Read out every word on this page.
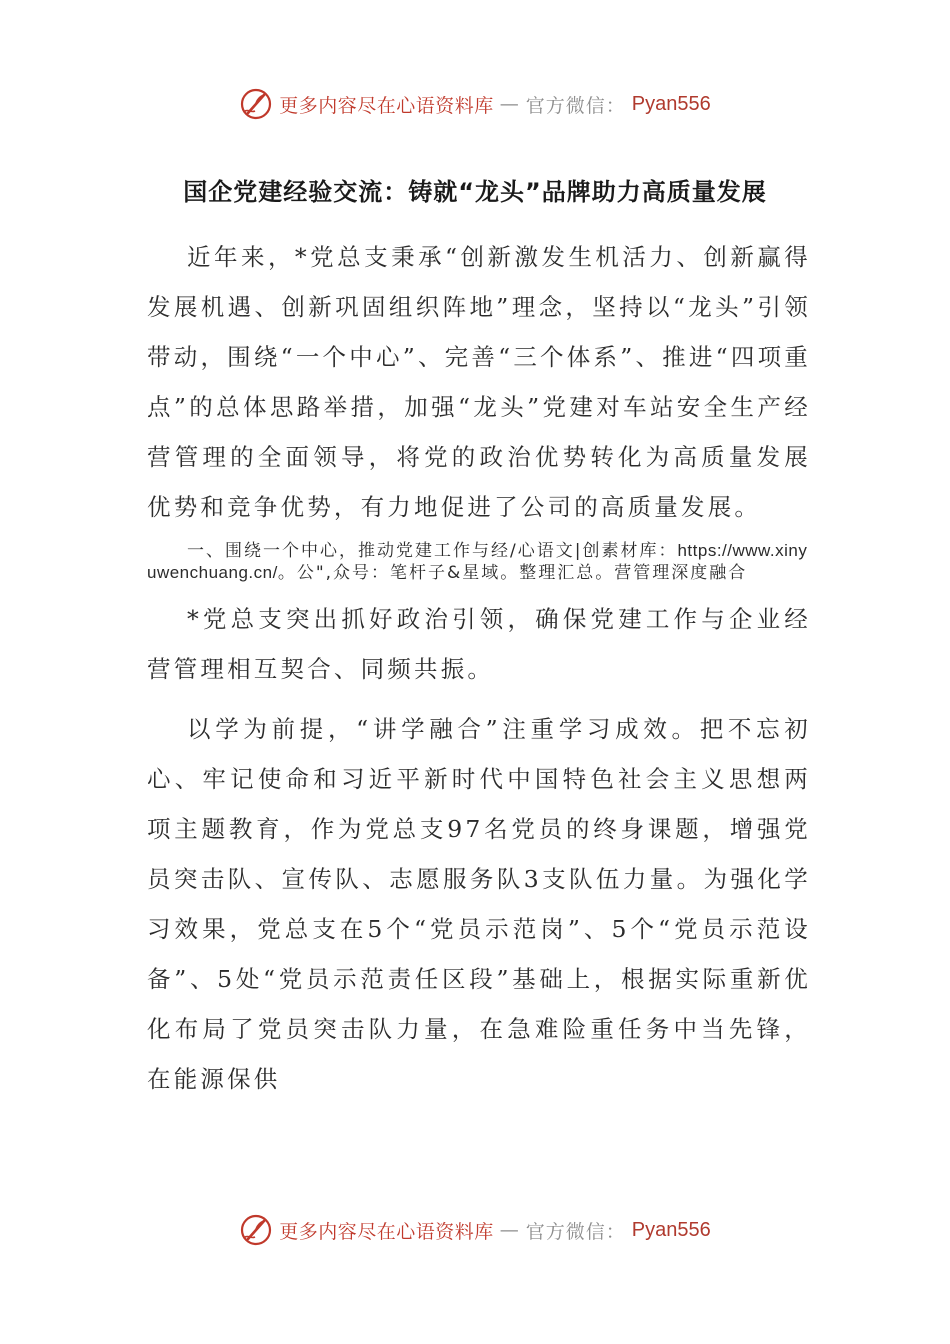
更多内容尽在心语资料库 — 官方微信： Pyan556
国企党建经验交流：铸就“龙头”品牌助力高质量发展

近年来，*党总支秉承“创新激发生机活力、创新赢得发展机遇、创新巩固组织阵地”理念，坚持以“龙头”引领带动，围绕“一个中心”、完善“三个体系”、推进“四项重点”的总体思路举措，加强“龙头”党建对车站安全生产经营管理的全面领导，将党的政治优势转化为高质量发展优势和竞争优势，有力地促进了公司的高质量发展。

一、围绕一个中心，推动党建工作与经/心语文|创素材库：https://www.xinyuwenchuang.cn/。公",众号：笔杆子&星域。整理汇总。营管理深度融合

*党总支突出抓好政治引领，确保党建工作与企业经营管理相互契合、同频共振。

以学为前提，“讲学融合”注重学习成效。把不忘初心、牢记使命和习近平新时代中国特色社会主义思想两项主题教育，作为党总支97名党员的终身课题，增强党员突击队、宣传队、志愿服务队3支队伍力量。为强化学习效果，党总支在5个“党员示范岗”、5个“党员示范设备”、5处“党员示范责任区段”基础上，根据实际重新优化布局了党员突击队力量，在急难险重任务中当先锋，在能源保供

更多内容尽在心语资料库 — 官方微信： Pyan556
